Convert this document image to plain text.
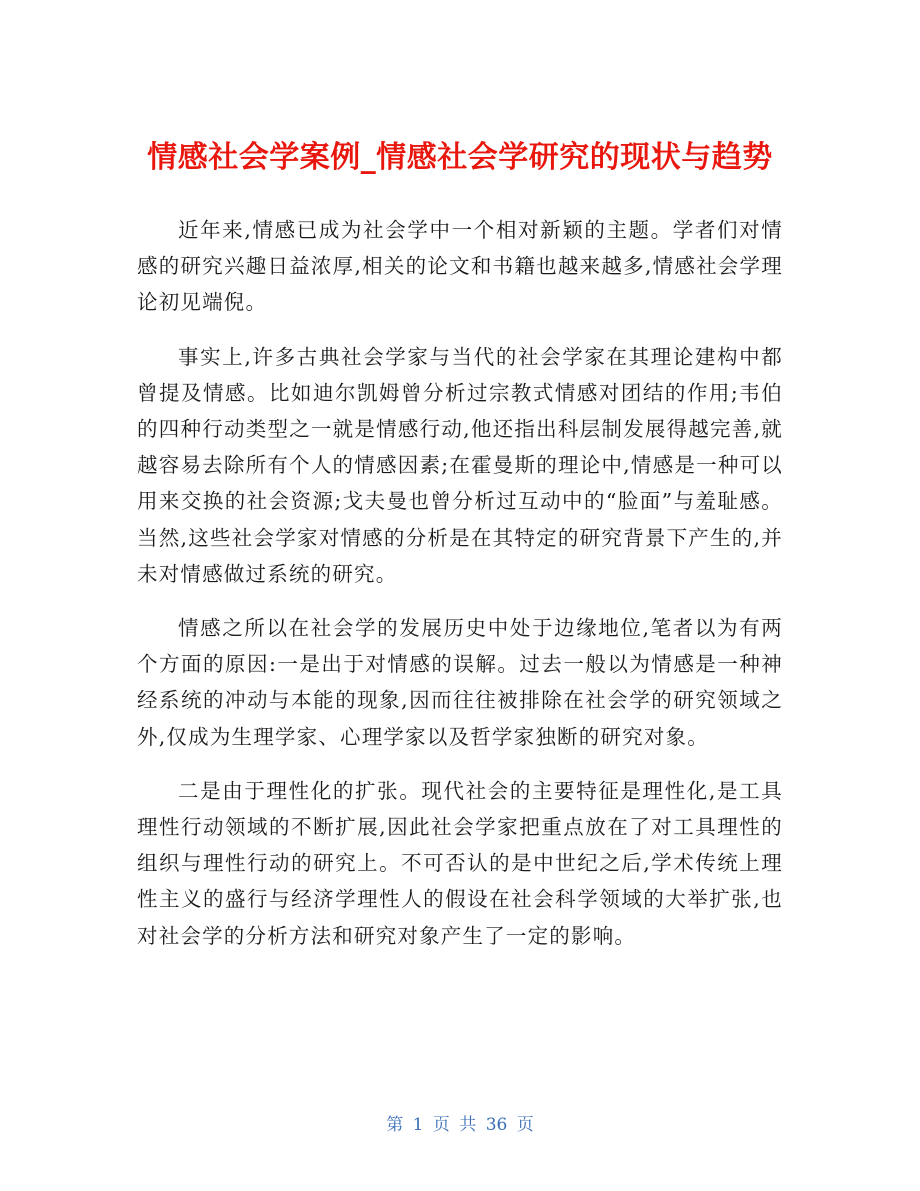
情感社会学案例_情感社会学研究的现状与趋势

近年来,情感已成为社会学中一个相对新颖的主题。学者们对情感的研究兴趣日益浓厚,相关的论文和书籍也越来越多,情感社会学理论初见端倪。

事实上,许多古典社会学家与当代的社会学家在其理论建构中都曾提及情感。比如迪尔凯姆曾分析过宗教式情感对团结的作用;韦伯的四种行动类型之一就是情感行动,他还指出科层制发展得越完善,就越容易去除所有个人的情感因素;在霍曼斯的理论中,情感是一种可以用来交换的社会资源;戈夫曼也曾分析过互动中的“脸面”与羞耻感。当然,这些社会学家对情感的分析是在其特定的研究背景下产生的,并未对情感做过系统的研究。

情感之所以在社会学的发展历史中处于边缘地位,笔者以为有两个方面的原因:一是出于对情感的误解。过去一般以为情感是一种神经系统的冲动与本能的现象,因而往往被排除在社会学的研究领域之外,仅成为生理学家、心理学家以及哲学家独断的研究对象。

二是由于理性化的扩张。现代社会的主要特征是理性化,是工具理性行动领域的不断扩展,因此社会学家把重点放在了对工具理性的组织与理性行动的研究上。不可否认的是中世纪之后,学术传统上理性主义的盛行与经济学理性人的假设在社会科学领域的大举扩张,也对社会学的分析方法和研究对象产生了一定的影响。

第 1 页 共 36 页
